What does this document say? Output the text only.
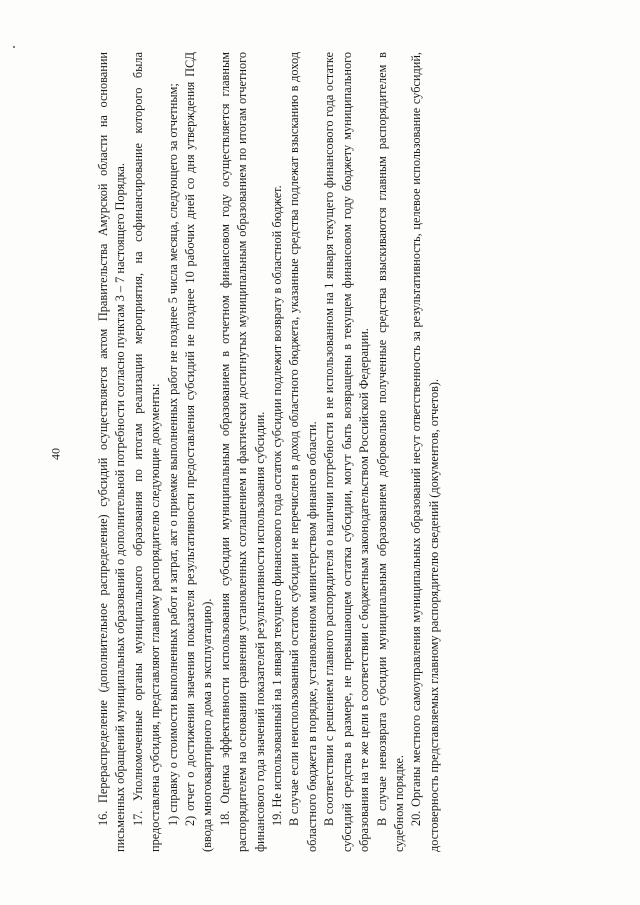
40	16. Перераспределение (дополнительное распределение) субсидий осуществляется актом Правительства Амурской области на основании письменных обращений муниципальных образований о дополнительной потребности согласно пунктам 3 – 7 настоящего Порядка. 17. Уполномоченные органы муниципального образования по итогам реализации мероприятия, на софинансирование которого была предоставлена субсидия, представляют главному распорядителю следующие документы: 1) справку о стоимости выполненных работ и затрат, акт о приемке выполненных работ не позднее 5 числа месяца, следующего за отчетным; 2) отчет о достижении значения показателя результативности предоставления субсидий не позднее 10 рабочих дней со дня утверждения ПСД (ввода многоквартирного дома в эксплуатацию). 18. Оценка эффективности использования субсидии муниципальным образованием в отчетном финансовом году осуществляется главным распорядителем на основании сравнения установленных соглашением и фактически достигнутых муниципальным образованием по итогам отчетного финансового года значений показателей результативности использования субсидии. 19. Не использованный на 1 января текущего финансового года остаток субсидии подлежит возврату в областной бюджет. В случае если неиспользованный остаток субсидии не перечислен в доход областного бюджета, указанные средства подлежат взысканию в доход областного бюджета в порядке, установленном министерством финансов области. В соответствии с решением главного распорядителя о наличии потребности в не использованном на 1 января текущего финансового года остатке субсидий средства в размере, не превышающем остатка субсидии, могут быть возвращены в текущем финансовом году бюджету муниципального образования на те же цели в соответствии с бюджетным законодательством Российской Федерации. В случае невозврата субсидии муниципальным образованием добровольно полученные средства взыскиваются главным распорядителем в судебном порядке. 20. Органы местного самоуправления муниципальных образований несут ответственность за результативность, целевое использование субсидий, достоверность представляемых главному распорядителю сведений (документов, отчетов).
